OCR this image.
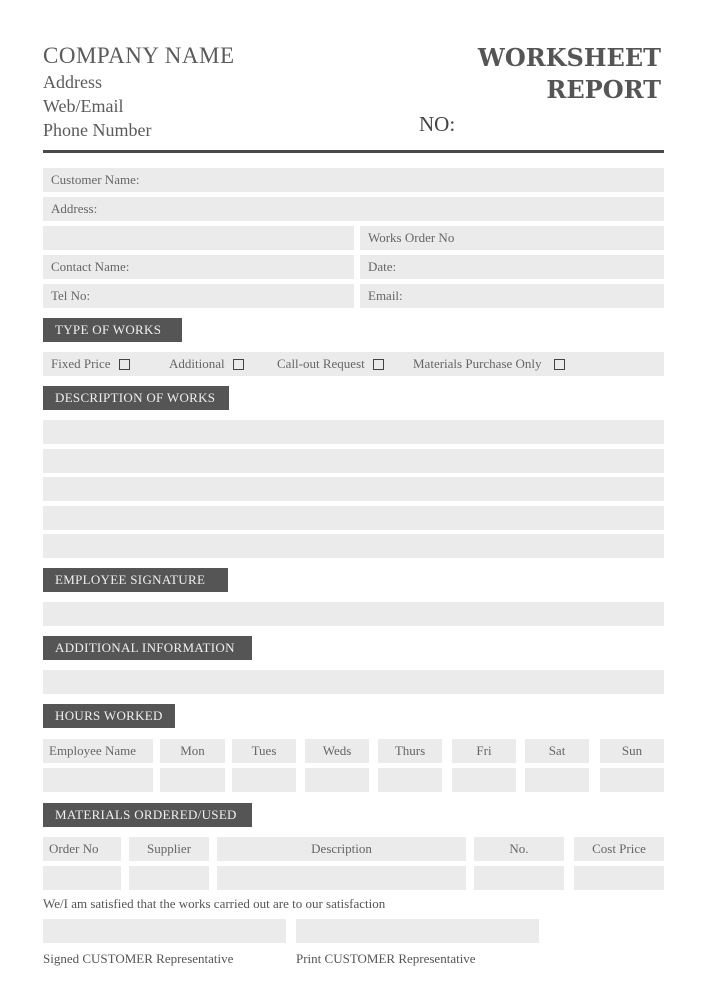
COMPANY NAME
Address
Web/Email
Phone Number
WORKSHEET
REPORT
NO:
Customer Name:
Address:
Works Order No
Contact Name:	Date:
Tel No:	Email:
TYPE OF WORKS
Fixed Price	Additional	Call-out Request	Materials Purchase Only
DESCRIPTION OF WORKS
EMPLOYEE SIGNATURE
ADDITIONAL INFORMATION
HOURS WORKED
Employee Name	Mon	Tues	Weds	Thurs	Fri	Sat	Sun
MATERIALS ORDERED/USED
Order No	Supplier	Description	No.	Cost Price
We/I am satisfied that the works carried out are to our satisfaction
Signed CUSTOMER Representative	Print CUSTOMER Representative
